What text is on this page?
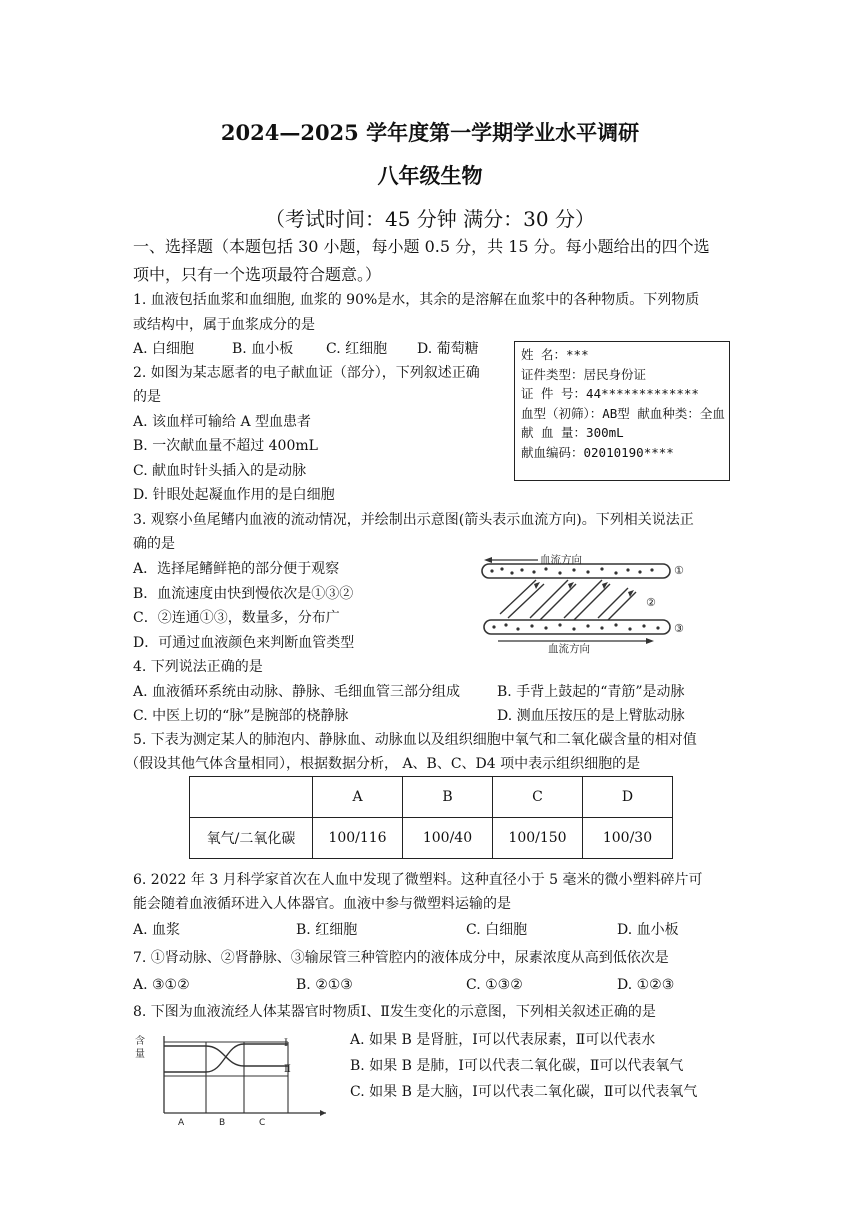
2024—2025 学年度第一学期学业水平调研
八年级生物
（考试时间：45 分钟 满分：30 分）
一、选择题（本题包括 30 小题，每小题 0.5 分，共 15 分。每小题给出的四个选
项中，只有一个选项最符合题意。）
1. 血液包括血浆和血细胞, 血浆的 90%是水，其余的是溶解在血浆中的各种物质。下列物质
或结构中，属于血浆成分的是
A. 白细胞	B. 血小板 C. 红细胞 D. 葡萄糖
2. 如图为某志愿者的电子献血证（部分），下列叙述正确
的是
A. 该血样可输给 A 型血患者
B. 一次献血量不超过 400mL
C. 献血时针头插入的是动脉
D. 针眼处起凝血作用的是白细胞
姓 名：***
证件类型：居民身份证
证 件 号：44*************
血型（初筛）：AB型 献血种类：全血
献 血 量：300mL
献血编码：02010190****
3. 观察小鱼尾鳍内血液的流动情况，并绘制出示意图(箭头表示血流方向)。下列相关说法正
确的是
A．选择尾鳍鲜艳的部分便于观察
B．血流速度由快到慢依次是①③②
C．②连通①③，数量多，分布广
D．可通过血液颜色来判断血管类型
血流方向
①
②
③
血流方向
4. 下列说法正确的是
A. 血液循环系统由动脉、静脉、毛细血管三部分组成	B. 手背上鼓起的“青筋”是动脉
C. 中医上切的“脉”是腕部的桡静脉	D. 测血压按压的是上臂肱动脉
5. 下表为测定某人的肺泡内、静脉血、动脉血以及组织细胞中氧气和二氧化碳含量的相对值
（假设其他气体含量相同），根据数据分析， A、B、C、D4 项中表示组织细胞的是
	A	B	C	D
氧气/二氧化碳	100/116	100/40	100/150	100/30
6. 2022 年 3 月科学家首次在人血中发现了微塑料。这种直径小于 5 毫米的微小塑料碎片可
能会随着血液循环进入人体器官。血液中参与微塑料运输的是
A. 血浆	B. 红细胞	C. 白细胞	D. 血小板
7. ①肾动脉、②肾静脉、③输尿管三种管腔内的液体成分中，尿素浓度从高到低依次是
A. ③①②	B. ②①③	C. ①③②	D. ①②③
8. 下图为血液流经人体某器官时物质Ⅰ、Ⅱ发生变化的示意图，下列相关叙述正确的是
A. 如果 B 是肾脏，Ⅰ可以代表尿素，Ⅱ可以代表水
B. 如果 B 是肺，Ⅰ可以代表二氧化碳，Ⅱ可以代表氧气
C. 如果 B 是大脑，Ⅰ可以代表二氧化碳，Ⅱ可以代表氧气
含
量
Ⅰ
Ⅱ
A	B	C
